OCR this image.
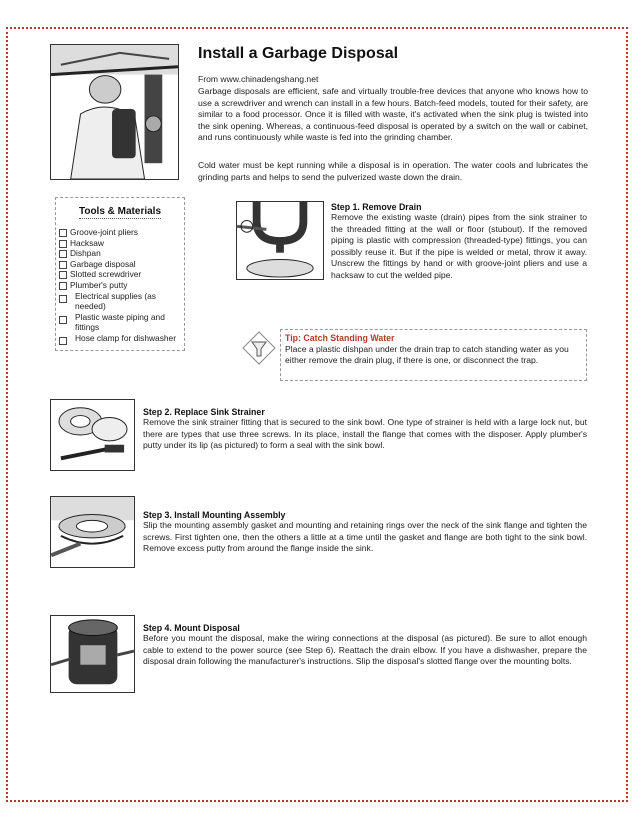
Install a Garbage Disposal
From www.chinadengshang.net
Garbage disposals are efficient, safe and virtually trouble-free devices that anyone who knows how to use a screwdriver and wrench can install in a few hours. Batch-feed models, touted for their safety, are similar to a food processor. Once it is filled with waste, it's activated when the sink plug is twisted into the sink opening. Whereas, a continuous-feed disposal is operated by a switch on the wall or cabinet, and runs continuously while waste is fed into the grinding chamber.
Cold water must be kept running while a disposal is in operation. The water cools and lubricates the grinding parts and helps to send the pulverized waste down the drain.
Tools & Materials
Groove-joint pliers
Hacksaw
Dishpan
Garbage disposal
Slotted screwdriver
Plumber's putty
Electrical supplies (as needed)
Plastic waste piping and fittings
Hose clamp for dishwasher
Step 1. Remove Drain
Remove the existing waste (drain) pipes from the sink strainer to the threaded fitting at the wall or floor (stubout). If the removed piping is plastic with compression (threaded-type) fittings, you can possibly reuse it. But if the pipe is welded or metal, throw it away. Unscrew the fittings by hand or with groove-joint pliers and use a hacksaw to cut the welded pipe.
Tip: Catch Standing Water
Place a plastic dishpan under the drain trap to catch standing water as you either remove the drain plug, if there is one, or disconnect the trap.
Step 2. Replace Sink Strainer
Remove the sink strainer fitting that is secured to the sink bowl. One type of strainer is held with a large lock nut, but there are types that use three screws. In its place, install the flange that comes with the disposer. Apply plumber's putty under its lip (as pictured) to form a seal with the sink bowl.
Step 3. Install Mounting Assembly
Slip the mounting assembly gasket and mounting and retaining rings over the neck of the sink flange and tighten the screws. First tighten one, then the others a little at a time until the gasket and flange are both tight to the sink bowl. Remove excess putty from around the flange inside the sink.
Step 4. Mount Disposal
Before you mount the disposal, make the wiring connections at the disposal (as pictured). Be sure to allot enough cable to extend to the power source (see Step 6). Reattach the drain elbow. If you have a dishwasher, prepare the disposal drain following the manufacturer's instructions. Slip the disposal's slotted flange over the mounting bolts.
